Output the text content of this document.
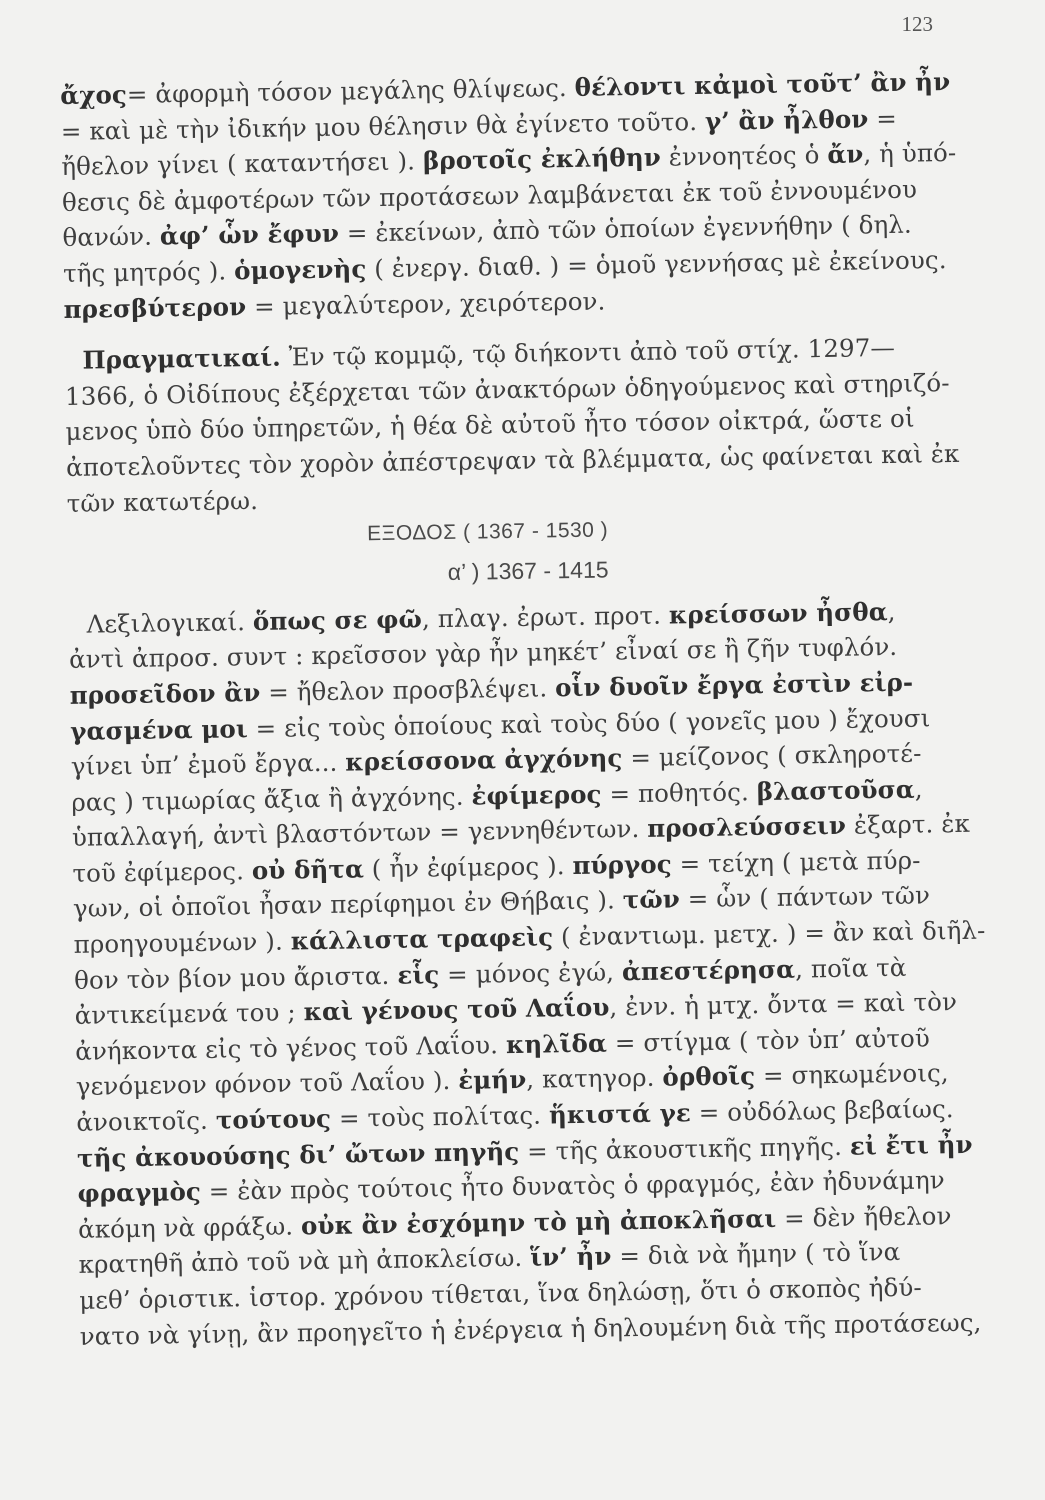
123
ἄχος= ἀφορμὴ τόσον μεγάλης θλίψεως. θέλοντι κἀμοὶ τοῦτ’ ἂν ἦν
= καὶ μὲ τὴν ἰδικήν μου θέλησιν θὰ ἐγίνετο τοῦτο. γ’ ἂν ἦλθον =
ἤθελον γίνει ( καταντήσει ). βροτοῖς ἐκλήθην ἐννοητέος ὁ ἄν, ἡ ὑπό-
θεσις δὲ ἀμφοτέρων τῶν προτάσεων λαμβάνεται ἐκ τοῦ ἐννουμένου
θανών. ἀφ’ ὧν ἔφυν = ἐκείνων, ἀπὸ τῶν ὁποίων ἐγεννήθην ( δηλ.
τῆς μητρός ). ὁμογενὴς ( ἐνεργ. διαθ. ) = ὁμοῦ γεννήσας μὲ ἐκείνους.
πρεσβύτερον = μεγαλύτερον, χειρότερον.
Πραγματικαί. Ἐν τῷ κομμῷ, τῷ διήκοντι ἀπὸ τοῦ στίχ. 1297—
1366, ὁ Οἰδίπους ἐξέρχεται τῶν ἀνακτόρων ὁδηγούμενος καὶ στηριζό-
μενος ὑπὸ δύο ὑπηρετῶν, ἡ θέα δὲ αὐτοῦ ἦτο τόσον οἰκτρά, ὥστε οἱ
ἀποτελοῦντες τὸν χορὸν ἀπέστρεψαν τὰ βλέμματα, ὡς φαίνεται καὶ ἐκ
τῶν κατωτέρω.
ΕΞΟΔΟΣ ( 1367 - 1530 )
α’ ) 1367 - 1415
Λεξιλογικαί. ὅπως σε φῶ, πλαγ. ἐρωτ. προτ. κρείσσων ἦσθα,
ἀντὶ ἀπροσ. συντ : κρεῖσσον γὰρ ἦν μηκέτ’ εἶναί σε ἢ ζῆν τυφλόν.
προσεῖδον ἂν = ἤθελον προσβλέψει. οἷν δυοῖν ἔργα ἐστὶν εἰρ-
γασμένα μοι = εἰς τοὺς ὁποίους καὶ τοὺς δύο ( γονεῖς μου ) ἔχουσι
γίνει ὑπ’ ἐμοῦ ἔργα... κρείσσονα ἀγχόνης = μείζονος ( σκληροτέ-
ρας ) τιμωρίας ἄξια ἢ ἀγχόνης. ἐφίμερος = ποθητός. βλαστοῦσα,
ὑπαλλαγή, ἀντὶ βλαστόντων = γεννηθέντων. προσλεύσσειν ἐξαρτ. ἐκ
τοῦ ἐφίμερος. οὐ δῆτα ( ἦν ἐφίμερος ). πύργος = τείχη ( μετὰ πύρ-
γων, οἱ ὁποῖοι ἦσαν περίφημοι ἐν Θήβαις ). τῶν = ὧν ( πάντων τῶν
προηγουμένων ). κάλλιστα τραφεὶς ( ἐναντιωμ. μετχ. ) = ἂν καὶ διῆλ-
θον τὸν βίον μου ἄριστα. εἷς = μόνος ἐγώ, ἀπεστέρησα, ποῖα τὰ
ἀντικείμενά του ; καὶ γένους τοῦ Λαΐου, ἐνν. ἡ μτχ. ὄντα = καὶ τὸν
ἀνήκοντα εἰς τὸ γένος τοῦ Λαΐου. κηλῖδα = στίγμα ( τὸν ὑπ’ αὐτοῦ
γενόμενον φόνον τοῦ Λαΐου ). ἐμήν, κατηγορ. ὀρθοῖς = σηκωμένοις,
ἀνοικτοῖς. τούτους = τοὺς πολίτας. ἥκιστά γε = οὐδόλως βεβαίως.
τῆς ἀκουούσης δι’ ὤτων πηγῆς = τῆς ἀκουστικῆς πηγῆς. εἰ ἔτι ἦν
φραγμὸς = ἐὰν πρὸς τούτοις ἦτο δυνατὸς ὁ φραγμός, ἐὰν ἠδυνάμην
ἀκόμη νὰ φράξω. οὐκ ἂν ἐσχόμην τὸ μὴ ἀποκλῆσαι = δὲν ἤθελον
κρατηθῆ ἀπὸ τοῦ νὰ μὴ ἀποκλείσω. ἵν’ ἦν = διὰ νὰ ἤμην ( τὸ ἵνα
μεθ’ ὁριστικ. ἱστορ. χρόνου τίθεται, ἵνα δηλώσῃ, ὅτι ὁ σκοπὸς ἠδύ-
νατο νὰ γίνῃ, ἂν προηγεῖτο ἡ ἐνέργεια ἡ δηλουμένη διὰ τῆς προτάσεως,
